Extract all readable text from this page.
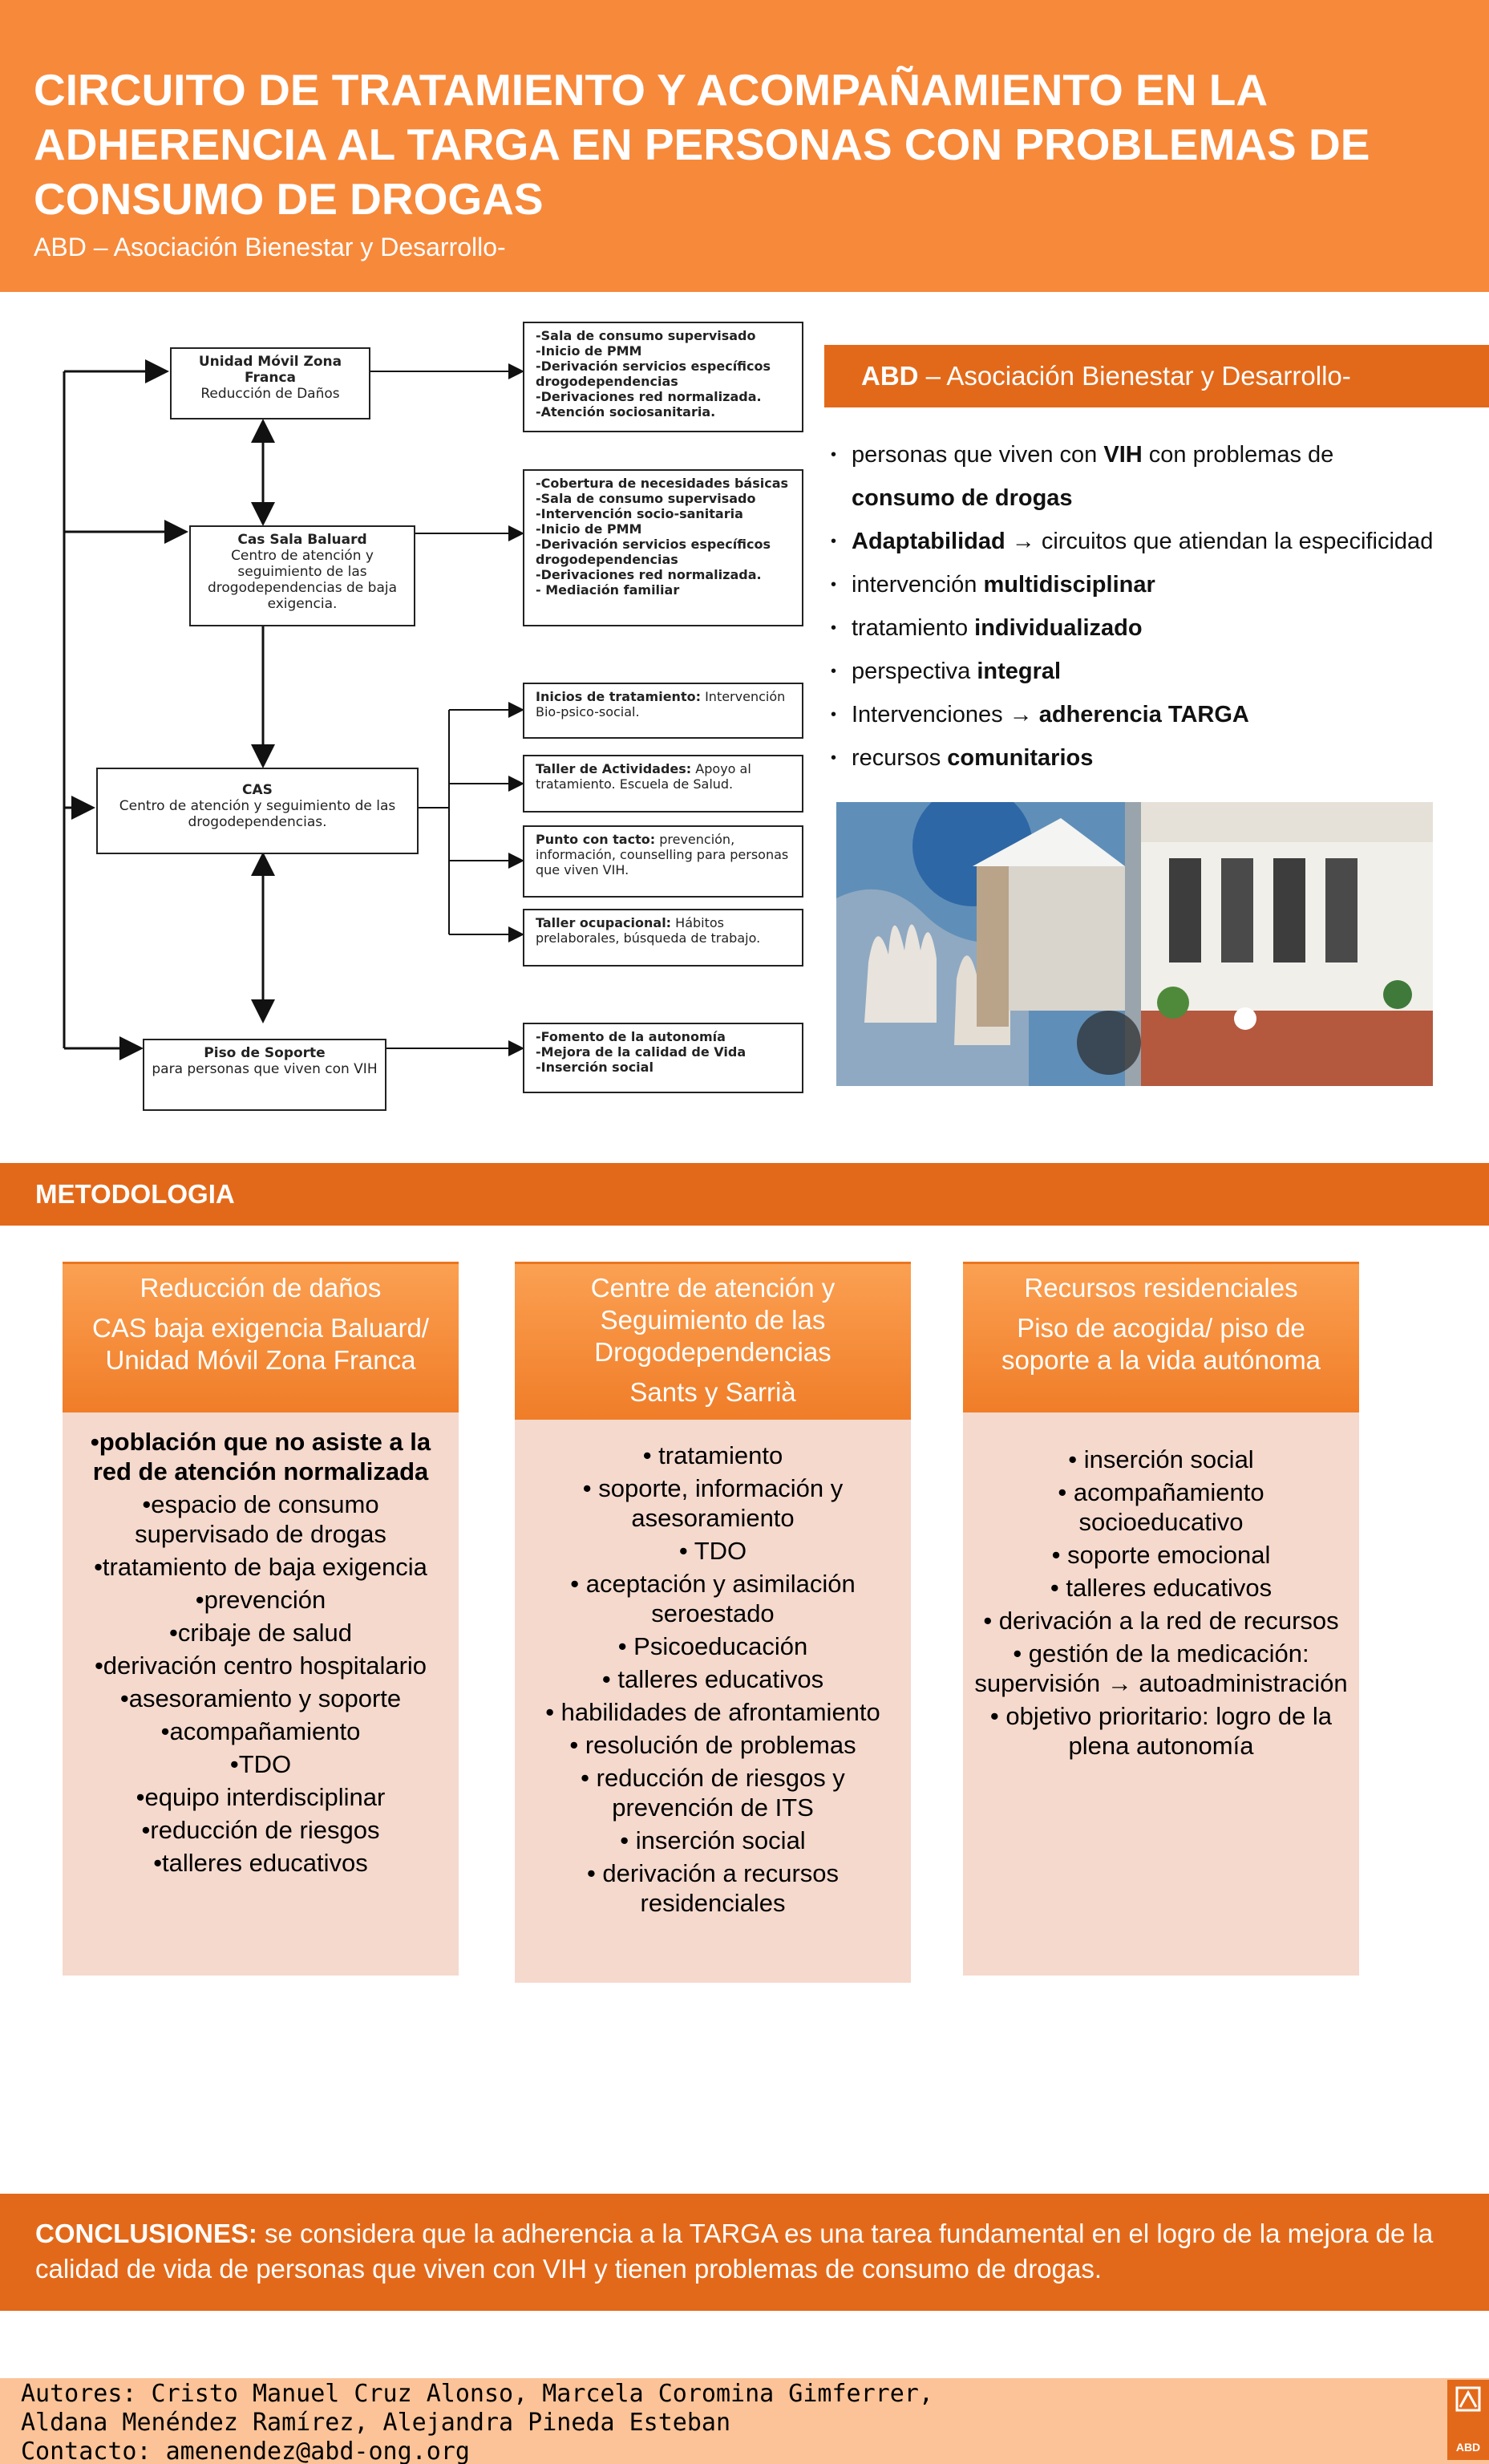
CIRCUITO DE TRATAMIENTO Y ACOMPAÑAMIENTO EN LA
ADHERENCIA AL TARGA EN PERSONAS CON PROBLEMAS DE
CONSUMO DE DROGAS
ABD – Asociación Bienestar y Desarrollo-
Unidad Móvil Zona Franca
Reducción de Daños
Cas Sala Baluard
Centro de atención y seguimiento de las drogodependencias de baja exigencia.
CAS
Centro de atención y seguimiento de las drogodependencias.
Piso de Soporte
para personas que viven con VIH
-Sala de consumo supervisado
-Inicio de PMM
-Derivación servicios específicos drogodependencias
-Derivaciones red normalizada.
-Atención sociosanitaria.
-Cobertura de necesidades básicas
-Sala de consumo supervisado
-Intervención socio-sanitaria
-Inicio de PMM
-Derivación servicios específicos drogodependencias
-Derivaciones red normalizada.
- Mediación familiar
Inicios de tratamiento: Intervención Bio-psico-social.
Taller de Actividades: Apoyo al tratamiento. Escuela de Salud.
Punto con tacto: prevención, información, counselling para personas que viven VIH.
Taller ocupacional: Hábitos prelaborales, búsqueda de trabajo.
-Fomento de la autonomía
-Mejora de la calidad de Vida
-Inserción social
ABD – Asociación Bienestar y Desarrollo-
• personas que viven con VIH con problemas de
consumo de drogas
• Adaptabilidad → circuitos que atiendan la especificidad
• intervención multidisciplinar
• tratamiento individualizado
• perspectiva integral
• Intervenciones → adherencia TARGA
• recursos comunitarios
METODOLOGIA
Reducción de daños
CAS baja exigencia Baluard/ Unidad Móvil Zona Franca
•población que no asiste a la red de atención normalizada
•espacio de consumo supervisado de drogas
•tratamiento de baja exigencia
•prevención
•cribaje de salud
•derivación centro hospitalario
•asesoramiento y soporte
•acompañamiento
•TDO
•equipo interdisciplinar
•reducción de riesgos
•talleres educativos
Centre de atención y Seguimiento de las Drogodependencias
Sants y Sarrià
• tratamiento
• soporte, información y asesoramiento
• TDO
• aceptación y asimilación seroestado
• Psicoeducación
• talleres educativos
• habilidades de afrontamiento
• resolución de problemas
• reducción de riesgos y prevención de ITS
• inserción social
• derivación a recursos residenciales
Recursos residenciales
Piso de acogida/ piso de soporte a la vida autónoma
• inserción social
• acompañamiento socioeducativo
• soporte emocional
• talleres educativos
• derivación a la red de recursos
• gestión de la medicación: supervisión → autoadministración
• objetivo prioritario: logro de la plena autonomía
CONCLUSIONES: se considera que la adherencia a la TARGA es una tarea fundamental en el logro de la mejora de la calidad de vida de personas que viven con VIH y tienen problemas de consumo de drogas.
Autores: Cristo Manuel Cruz Alonso, Marcela Coromina Gimferrer,
Aldana Menéndez Ramírez, Alejandra Pineda Esteban
Contacto: amenendez@abd-ong.org	ABD
